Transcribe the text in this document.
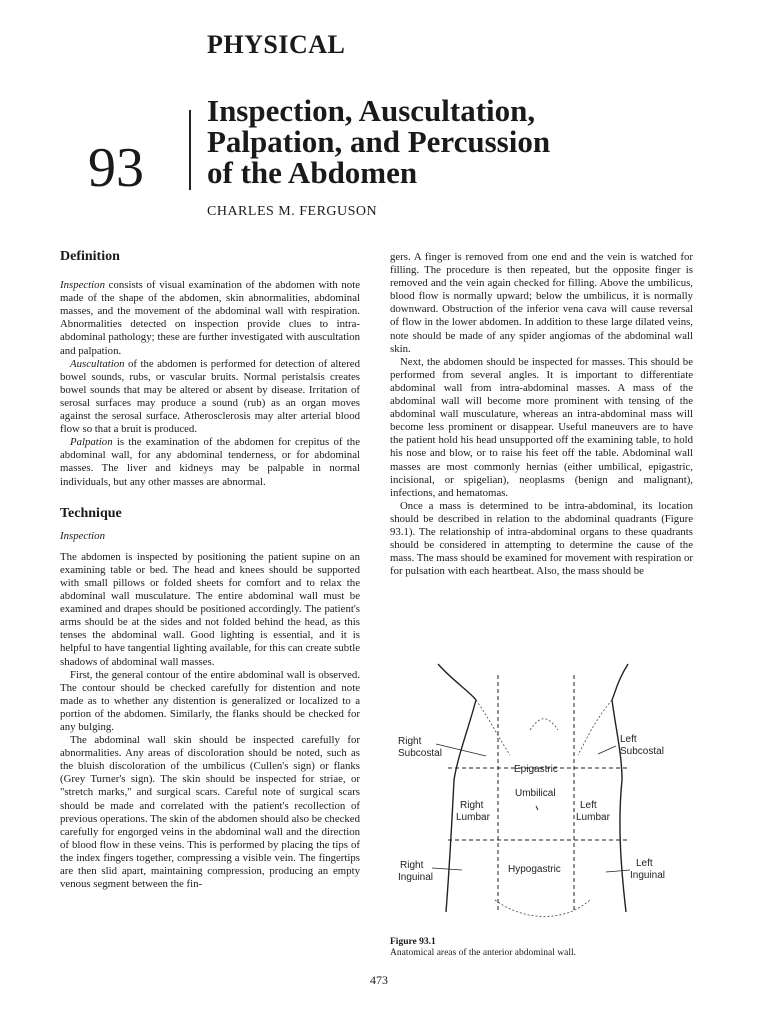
PHYSICAL
93
Inspection, Auscultation,
Palpation, and Percussion
of the Abdomen
CHARLES M. FERGUSON
Definition

Inspection consists of visual examination of the abdomen with note made of the shape of the abdomen, skin abnormalities, abdominal masses, and the movement of the abdominal wall with respiration. Abnormalities detected on inspection provide clues to intra-abdominal pathology; these are further investigated with auscultation and palpation.

Auscultation of the abdomen is performed for detection of altered bowel sounds, rubs, or vascular bruits. Normal peristalsis creates bowel sounds that may be altered or absent by disease. Irritation of serosal surfaces may produce a sound (rub) as an organ moves against the serosal surface. Atherosclerosis may alter arterial blood flow so that a bruit is produced.

Palpation is the examination of the abdomen for crepitus of the abdominal wall, for any abdominal tenderness, or for abdominal masses. The liver and kidneys may be palpable in normal individuals, but any other masses are abnormal.

Technique

Inspection

The abdomen is inspected by positioning the patient supine on an examining table or bed. The head and knees should be supported with small pillows or folded sheets for comfort and to relax the abdominal wall musculature. The entire abdominal wall must be examined and drapes should be positioned accordingly. The patient's arms should be at the sides and not folded behind the head, as this tenses the abdominal wall. Good lighting is essential, and it is helpful to have tangential lighting available, for this can create subtle shadows of abdominal wall masses.

First, the general contour of the entire abdominal wall is observed. The contour should be checked carefully for distention and note made as to whether any distention is generalized or localized to a portion of the abdomen. Similarly, the flanks should be checked for any bulging.

The abdominal wall skin should be inspected carefully for abnormalities. Any areas of discoloration should be noted, such as the bluish discoloration of the umbilicus (Cullen's sign) or flanks (Grey Turner's sign). The skin should be inspected for striae, or "stretch marks," and surgical scars. Careful note of surgical scars should be made and correlated with the patient's recollection of previous operations. The skin of the abdomen should also be checked carefully for engorged veins in the abdominal wall and the direction of blood flow in these veins. This is performed by placing the tips of the index fingers together, compressing a visible vein. The fingertips are then slid apart, maintaining compression, producing an empty venous segment between the fin-

gers. A finger is removed from one end and the vein is watched for filling. The procedure is then repeated, but the opposite finger is removed and the vein again checked for filling. Above the umbilicus, blood flow is normally upward; below the umbilicus, it is normally downward. Obstruction of the inferior vena cava will cause reversal of flow in the lower abdomen. In addition to these large dilated veins, note should be made of any spider angiomas of the abdominal wall skin.

Next, the abdomen should be inspected for masses. This should be performed from several angles. It is important to differentiate abdominal wall from intra-abdominal masses. A mass of the abdominal wall will become more prominent with tensing of the abdominal wall musculature, whereas an intra-abdominal mass will become less prominent or disappear. Useful maneuvers are to have the patient hold his head unsupported off the examining table, to hold his nose and blow, or to raise his feet off the table. Abdominal wall masses are most commonly hernias (either umbilical, epigastric, incisional, or spigelian), neoplasms (benign and malignant), infections, and hematomas.

Once a mass is determined to be intra-abdominal, its location should be described in relation to the abdominal quadrants (Figure 93.1). The relationship of intra-abdominal organs to these quadrants should be considered in attempting to determine the cause of the mass. The mass should be examined for movement with respiration or for pulsation with each heartbeat. Also, the mass should be

Right
Subcostal
Epigastric
Left
Subcostal
Umbilical
Right
Lumbar
Left
Lumbar
Right
Inguinal
Hypogastric
Left
Inguinal
Figure 93.1
Anatomical areas of the anterior abdominal wall.
473
